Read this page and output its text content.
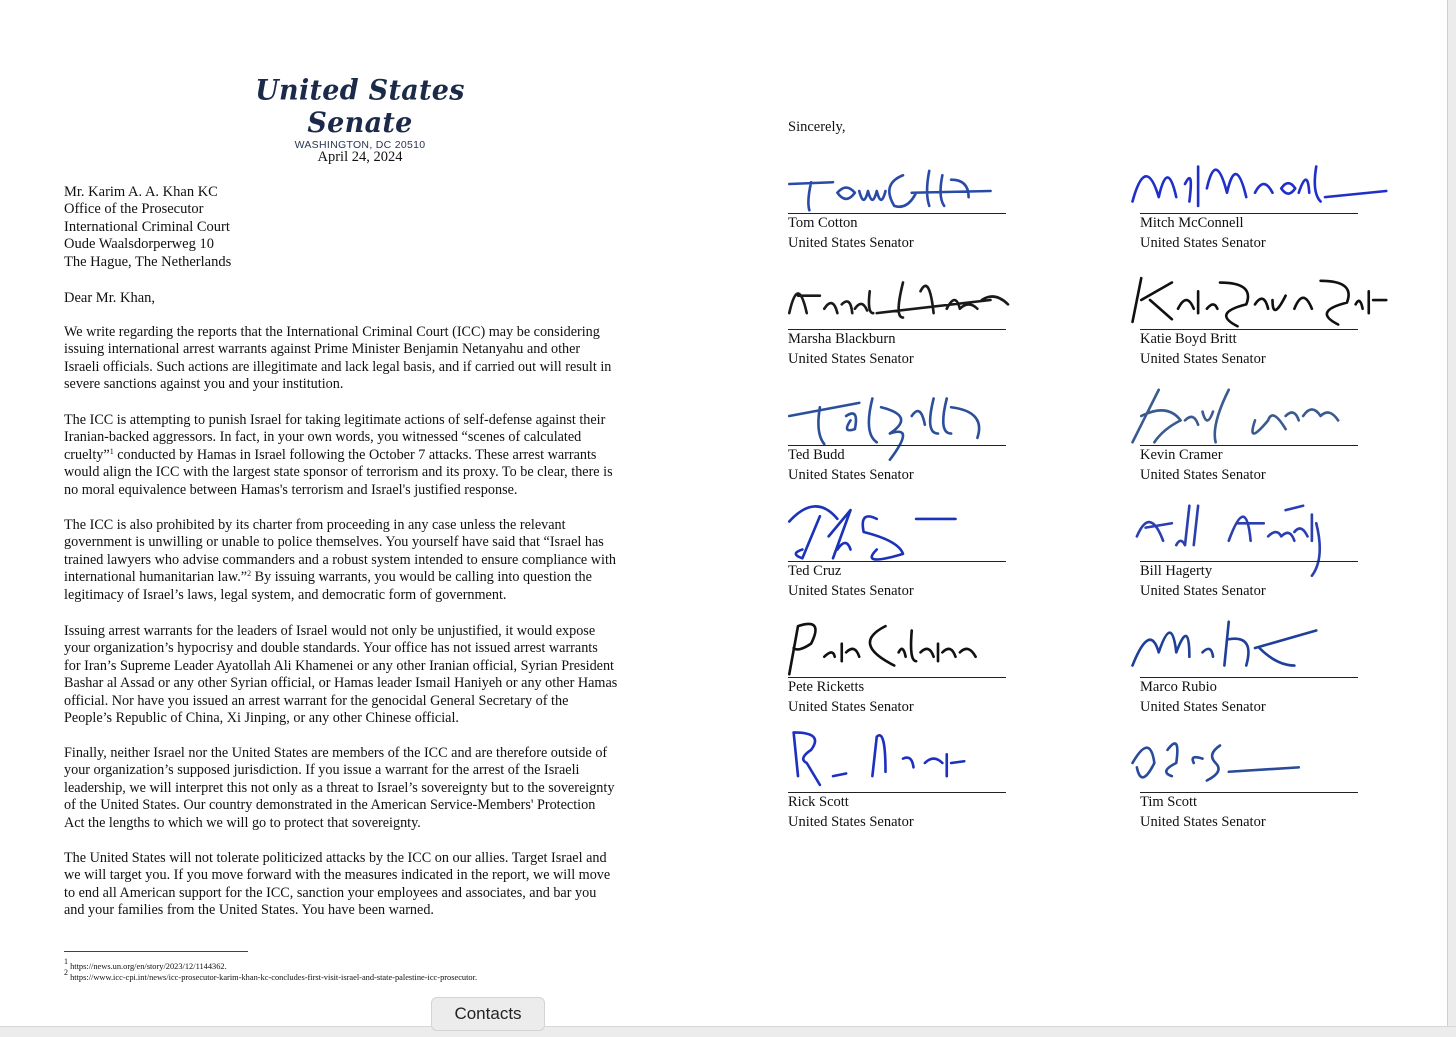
United States Senate
WASHINGTON, DC 20510
April 24, 2024
Mr. Karim A. A. Khan KC
Office of the Prosecutor
International Criminal Court
Oude Waalsdorperweg 10
The Hague, The Netherlands
Dear Mr. Khan,
We write regarding the reports that the International Criminal Court (ICC) may be considering
issuing international arrest warrants against Prime Minister Benjamin Netanyahu and other
Israeli officials. Such actions are illegitimate and lack legal basis, and if carried out will result in
severe sanctions against you and your institution.
The ICC is attempting to punish Israel for taking legitimate actions of self-defense against their
Iranian-backed aggressors. In fact, in your own words, you witnessed “scenes of calculated
cruelty”$^1$ conducted by Hamas in Israel following the October 7 attacks. These arrest warrants
would align the ICC with the largest state sponsor of terrorism and its proxy. To be clear, there is
no moral equivalence between Hamas's terrorism and Israel's justified response.
The ICC is also prohibited by its charter from proceeding in any case unless the relevant
government is unwilling or unable to police themselves. You yourself have said that “Israel has
trained lawyers who advise commanders and a robust system intended to ensure compliance with
international humanitarian law.”$^2$ By issuing warrants, you would be calling into question the
legitimacy of Israel’s laws, legal system, and democratic form of government.
Issuing arrest warrants for the leaders of Israel would not only be unjustified, it would expose
your organization’s hypocrisy and double standards. Your office has not issued arrest warrants
for Iran’s Supreme Leader Ayatollah Ali Khamenei or any other Iranian official, Syrian President
Bashar al Assad or any other Syrian official, or Hamas leader Ismail Haniyeh or any other Hamas
official. Nor have you issued an arrest warrant for the genocidal General Secretary of the
People’s Republic of China, Xi Jinping, or any other Chinese official.
Finally, neither Israel nor the United States are members of the ICC and are therefore outside of
your organization’s supposed jurisdiction. If you issue a warrant for the arrest of the Israeli
leadership, we will interpret this not only as a threat to Israel’s sovereignty but to the sovereignty
of the United States. Our country demonstrated in the American Service-Members' Protection
Act the lengths to which we will go to protect that sovereignty.
The United States will not tolerate politicized attacks by the ICC on our allies. Target Israel and
we will target you. If you move forward with the measures indicated in the report, we will move
to end all American support for the ICC, sanction your employees and associates, and bar you
and your families from the United States. You have been warned.
$^1$ https://news.un.org/en/story/2023/12/1144362.
$^2$ https://www.icc-cpi.int/news/icc-prosecutor-karim-khan-kc-concludes-first-visit-israel-and-state-palestine-icc-prosecutor.
Sincerely,
Tom Cotton
United States Senator
Mitch McConnell
United States Senator
Marsha Blackburn
United States Senator
Katie Boyd Britt
United States Senator
Ted Budd
United States Senator
Kevin Cramer
United States Senator
Ted Cruz
United States Senator
Bill Hagerty
United States Senator
Pete Ricketts
United States Senator
Marco Rubio
United States Senator
Rick Scott
United States Senator
Tim Scott
United States Senator
Contacts
